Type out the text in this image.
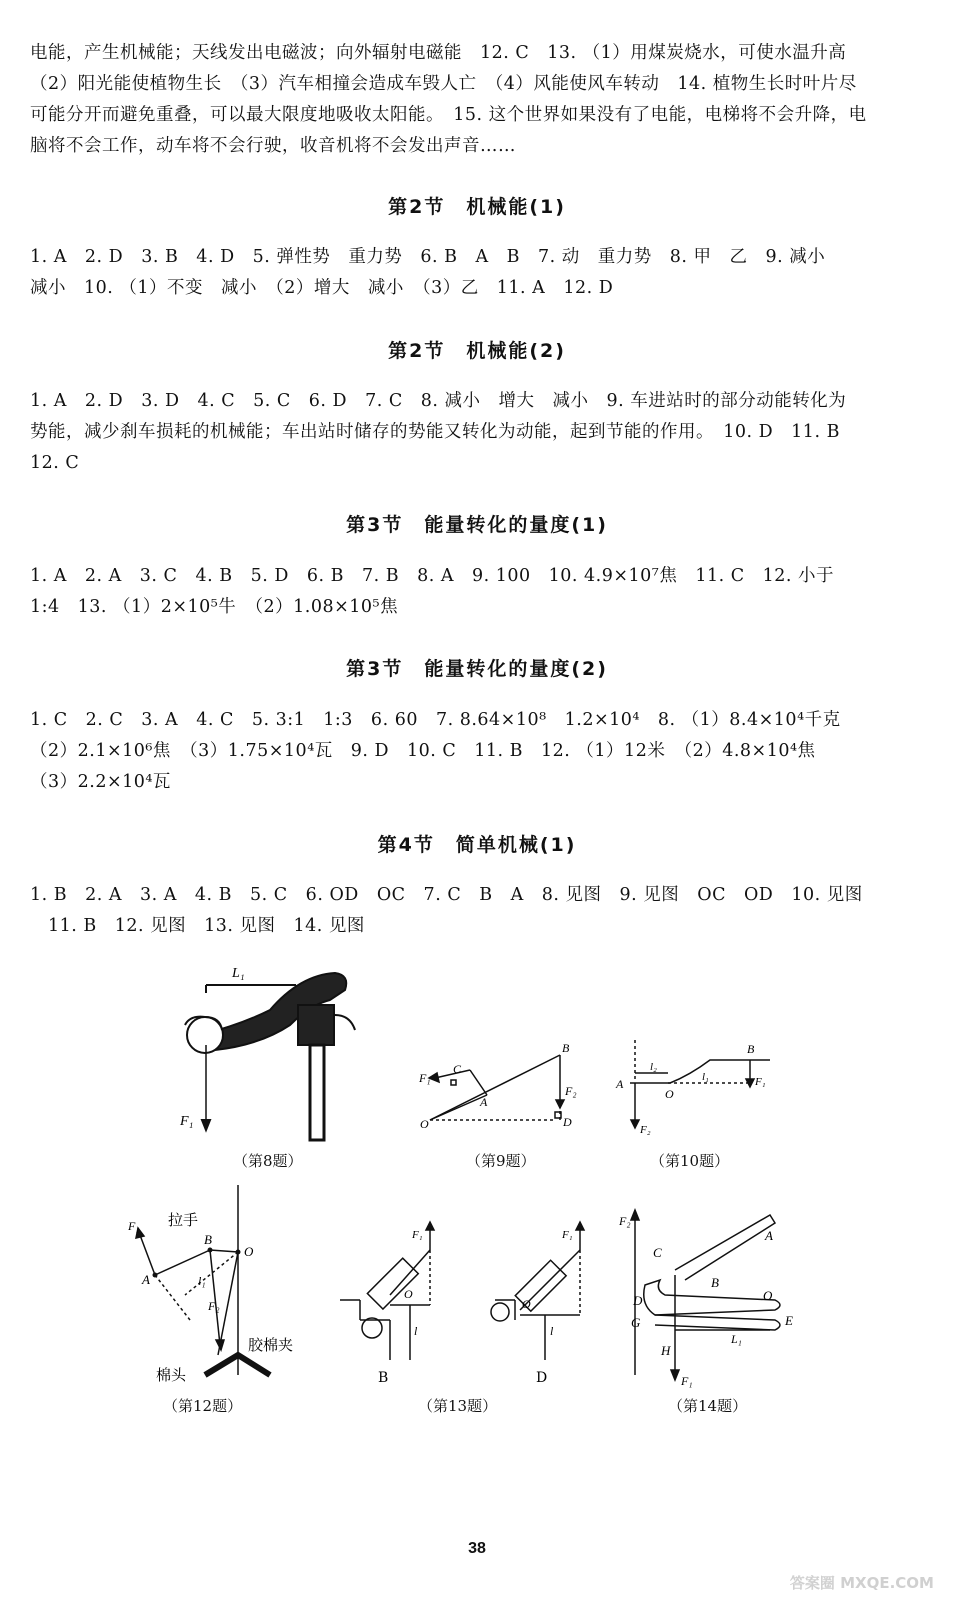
电能，产生机械能；天线发出电磁波；向外辐射电磁能　12. C　13. （1）用煤炭烧水，可使水温升高
（2）阳光能使植物生长　（3）汽车相撞会造成车毁人亡　（4）风能使风车转动　14. 植物生长时叶片尽
可能分开而避免重叠，可以最大限度地吸收太阳能。　15. 这个世界如果没有了电能，电梯将不会升降，电
脑将不会工作，动车将不会行驶，收音机将不会发出声音……
第2节　机械能(1)
1. A　2. D　3. B　4. D　5. 弹性势　重力势　6. B　A　B　7. 动　重力势　8. 甲　乙　9. 减小
减小　10. （1）不变　减小　（2）增大　减小　（3）乙　11. A　12. D
第2节　机械能(2)
1. A　2. D　3. D　4. C　5. C　6. D　7. C　8. 减小　增大　减小　9. 车进站时的部分动能转化为
势能，减少刹车损耗的机械能；车出站时储存的势能又转化为动能，起到节能的作用。　10. D　11. B
12. C
第3节　能量转化的量度(1)
1. A　2. A　3. C　4. B　5. D　6. B　7. B　8. A　9. 100　10. 4.9×10⁷焦　11. C　12. 小于
1:4　13. （1）2×10⁵牛　（2）1.08×10⁵焦
第3节　能量转化的量度(2)
1. C　2. C　3. A　4. C　5. 3:1　1:3　6. 60　7. 8.64×10⁸　1.2×10⁴　8. （1）8.4×10⁴千克
（2）2.1×10⁶焦　（3）1.75×10⁴瓦　9. D　10. C　11. B　12. （1）12米　（2）4.8×10⁴焦
（3）2.2×10⁴瓦
第4节　简单机械(1)
1. B　2. A　3. A　4. B　5. C　6. OD　OC　7. C　B　A　8. 见图　9. 见图　OC　OD　10. 见图
　11. B　12. 见图　13. 见图　14. 见图
L₁
F₁
（第8题）
B
C
F₁
A
F₂
O	D
（第9题）
l₂
B
A
O
l₁	F₁
F₂
（第10题）
F₁ 拉手
B
O
A	l₁
F₂
胶棉夹
棉头
（第12题）
F₁
O
l
B
F₁
O
l
D
（第13题）
F₂
A
C
B
O
D
E
G
L₁
H
F₁
（第14题）
38
答案圈 MXQE.COM
